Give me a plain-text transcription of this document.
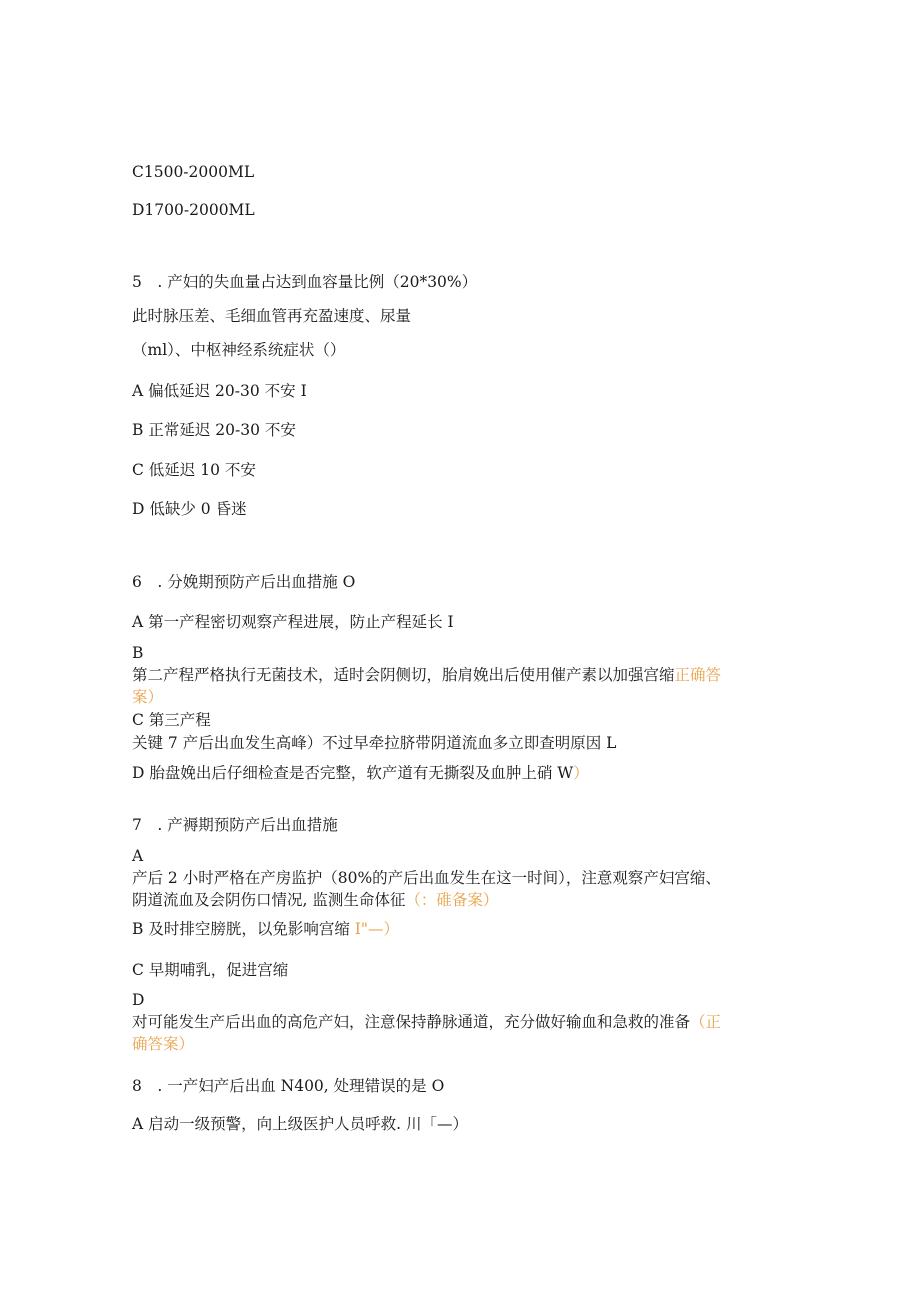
C1500-2000ML
D1700-2000ML
5　. 产妇的失血量占达到血容量比例（20*30%）
此时脉压差、毛细血管再充盈速度、尿量
（ml）、中枢神经系统症状（）
A 偏低延迟 20-30 不安 I
B 正常延迟 20-30 不安
C 低延迟 10 不安
D 低缺少 0 昏迷
6　. 分娩期预防产后出血措施 O
A 第一产程密切观察产程进展，防止产程延长 I
B
第二产程严格执行无菌技术，适时会阴侧切，胎肩娩出后使用催产素以加强宫缩正确答
案）
C 第三产程
关键 7 产后出血发生高峰）不过早牵拉脐带阴道流血多立即查明原因 L
D 胎盘娩出后仔细检查是否完整，软产道有无撕裂及血肿上硝 W）
7　. 产褥期预防产后出血措施
A
产后 2 小时严格在产房监护（80%的产后出血发生在这一时间），注意观察产妇宫缩、
阴道流血及会阴伤口情况, 监测生命体征（：碓备案）
B 及时排空膀胱，以免影响宫缩 I"—）
C 早期哺乳，促进宫缩
D
对可能发生产后出血的高危产妇，注意保持静脉通道，充分做好输血和急救的准备（正
确答案）
8　. 一产妇产后出血 N400, 处理错误的是 O
A 启动一级预警，向上级医护人员呼救. 川「—）
